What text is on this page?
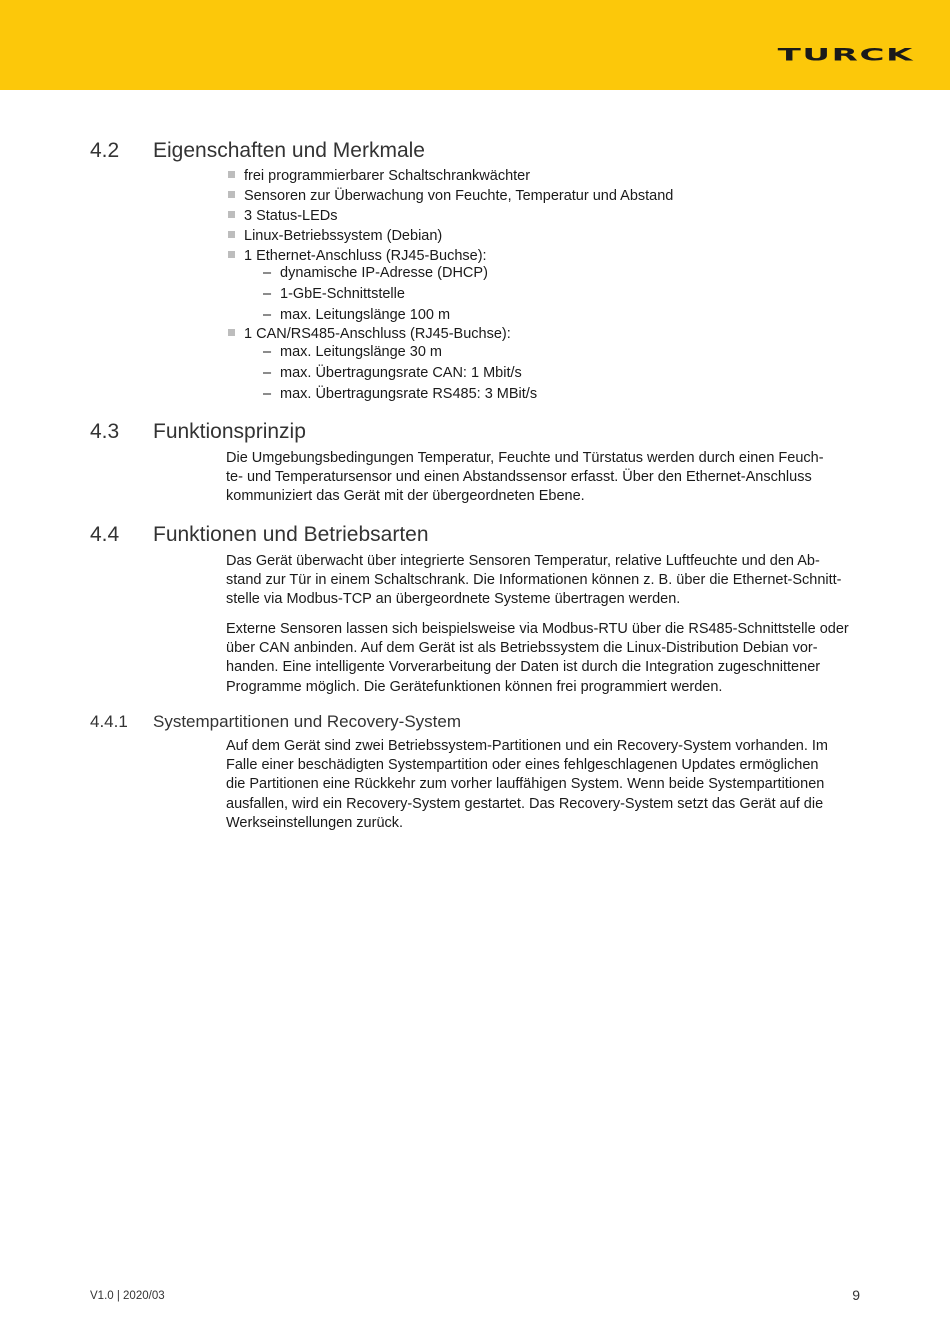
TURCK
4.2 Eigenschaften und Merkmale
frei programmierbarer Schaltschrankwächter
Sensoren zur Überwachung von Feuchte, Temperatur und Abstand
3 Status-LEDs
Linux-Betriebssystem (Debian)
1 Ethernet-Anschluss (RJ45-Buchse):
– dynamische IP-Adresse (DHCP)
– 1-GbE-Schnittstelle
– max. Leitungslänge 100 m
1 CAN/RS485-Anschluss (RJ45-Buchse):
– max. Leitungslänge 30 m
– max. Übertragungsrate CAN: 1 Mbit/s
– max. Übertragungsrate RS485: 3 MBit/s
4.3 Funktionsprinzip

Die Umgebungsbedingungen Temperatur, Feuchte und Türstatus werden durch einen Feuch-

te- und Temperatursensor und einen Abstandssensor erfasst. Über den Ethernet-Anschluss

kommuniziert das Gerät mit der übergeordneten Ebene.

4.4 Funktionen und Betriebsarten

Das Gerät überwacht über integrierte Sensoren Temperatur, relative Luftfeuchte und den Ab-

stand zur Tür in einem Schaltschrank. Die Informationen können z. B. über die Ethernet-Schnitt-

stelle via Modbus-TCP an übergeordnete Systeme übertragen werden.

Externe Sensoren lassen sich beispielsweise via Modbus-RTU über die RS485-Schnittstelle oder

über CAN anbinden. Auf dem Gerät ist als Betriebssystem die Linux-Distribution Debian vor-

handen. Eine intelligente Vorverarbeitung der Daten ist durch die Integration zugeschnittener

Programme möglich. Die Gerätefunktionen können frei programmiert werden.

4.4.1 Systempartitionen und Recovery-System

Auf dem Gerät sind zwei Betriebssystem-Partitionen und ein Recovery-System vorhanden. Im

Falle einer beschädigten Systempartition oder eines fehlgeschlagenen Updates ermöglichen

die Partitionen eine Rückkehr zum vorher lauffähigen System. Wenn beide Systempartitionen

ausfallen, wird ein Recovery-System gestartet. Das Recovery-System setzt das Gerät auf die

Werkseinstellungen zurück.

V1.0 | 2020/03	9
